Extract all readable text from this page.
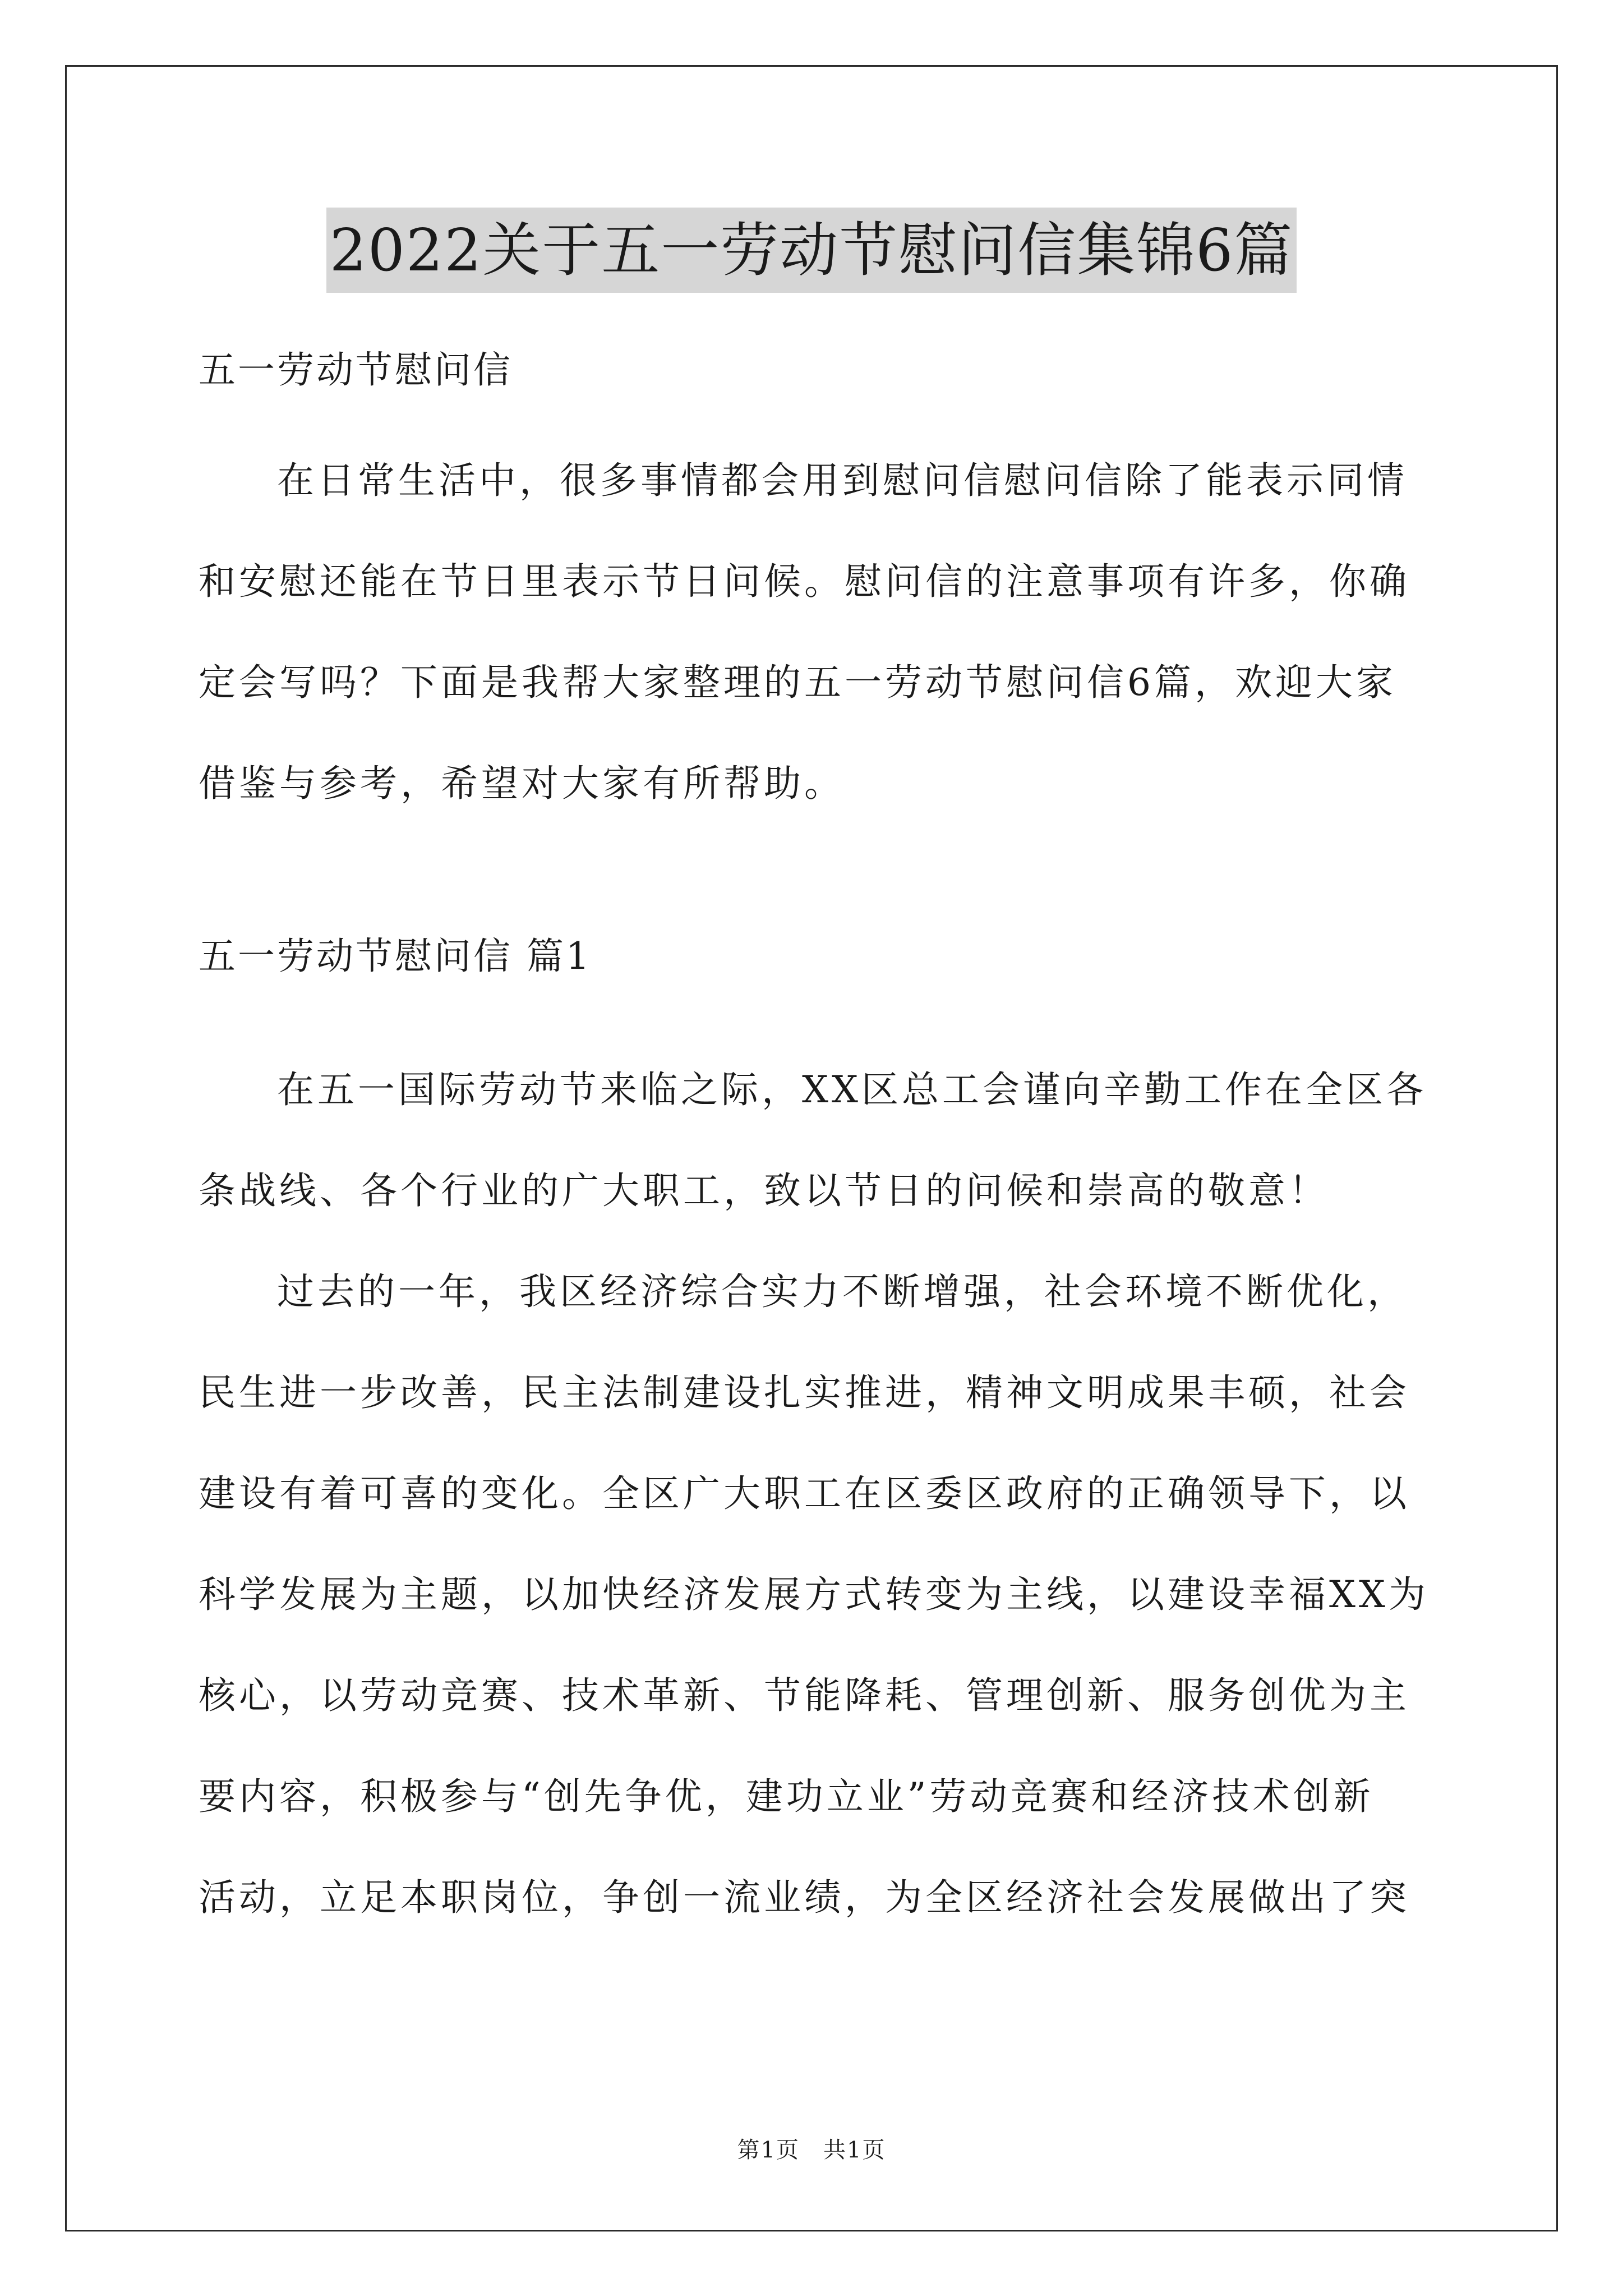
2022关于五一劳动节慰问信集锦6篇
五一劳动节慰问信
在日常生活中，很多事情都会用到慰问信慰问信除了能表示同情
和安慰还能在节日里表示节日问候。慰问信的注意事项有许多，你确
定会写吗？下面是我帮大家整理的五一劳动节慰问信6篇，欢迎大家
借鉴与参考，希望对大家有所帮助。
五一劳动节慰问信 篇1
在五一国际劳动节来临之际，XX区总工会谨向辛勤工作在全区各
条战线、各个行业的广大职工，致以节日的问候和崇高的敬意！
过去的一年，我区经济综合实力不断增强，社会环境不断优化，
民生进一步改善，民主法制建设扎实推进，精神文明成果丰硕，社会
建设有着可喜的变化。全区广大职工在区委区政府的正确领导下，以
科学发展为主题，以加快经济发展方式转变为主线，以建设幸福XX为
核心，以劳动竞赛、技术革新、节能降耗、管理创新、服务创优为主
要内容，积极参与“创先争优，建功立业”劳动竞赛和经济技术创新
活动，立足本职岗位，争创一流业绩，为全区经济社会发展做出了突
第1页　共1页
